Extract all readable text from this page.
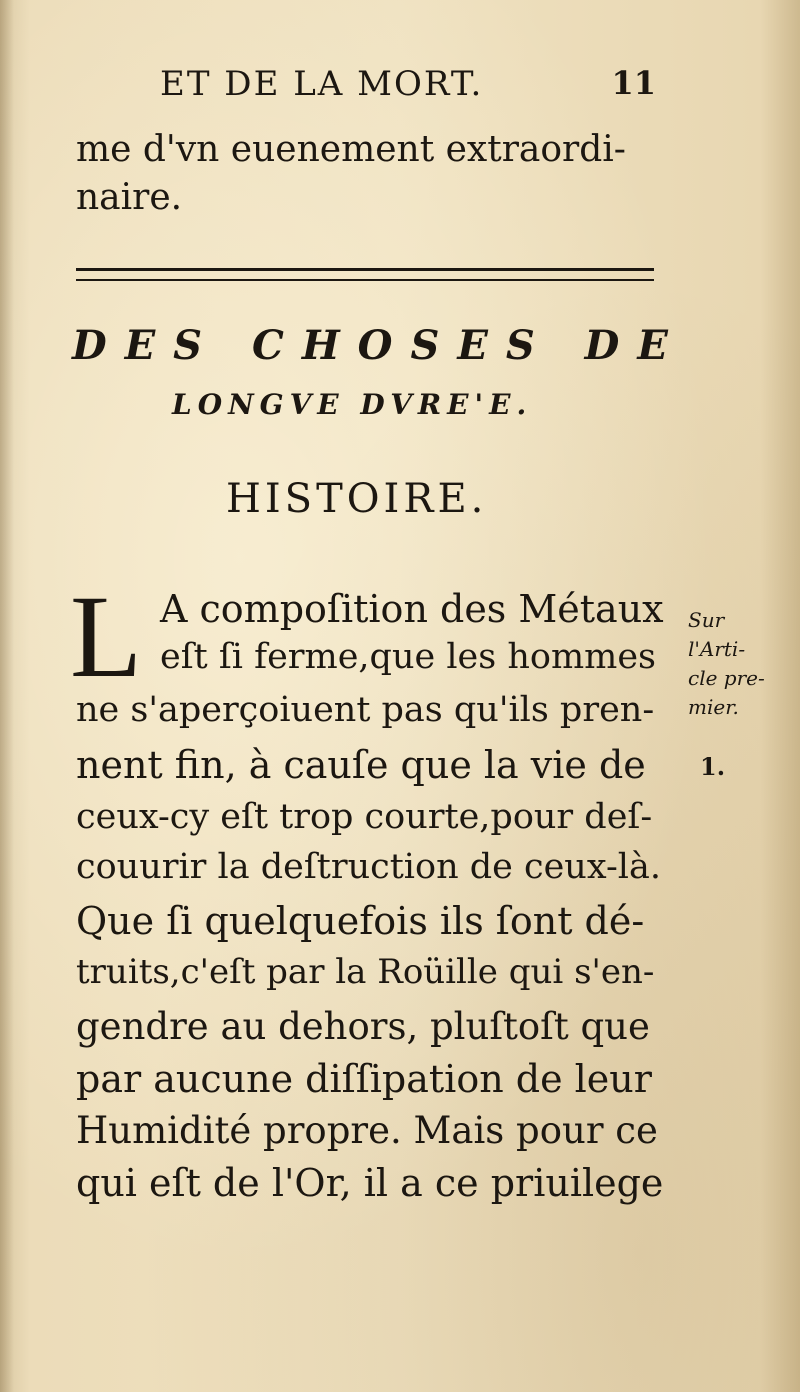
ET DE LA MORT.	11
me d'vn euenement extraordi-
naire.
DES CHOSES DE
LONGVE DVRE'E.
HISTOIRE.
L A compoſition des Métaux
eſt ſi ferme,que les hommes
ne s'aperçoiuent pas qu'ils pren-
nent fin, à cauſe que la vie de
ceux-cy eſt trop courte,pour deſ-
couurir la deſtruction de ceux-là.
Que ſi quelquefois ils ſont dé-
truits,c'eſt par la Roüille qui s'en-
gendre au dehors, pluſtoſt que
par aucune diſſipation de leur
Humidité propre. Mais pour ce
qui eſt de l'Or, il a ce priuilege
Sur
l'Arti-
cle pre-
mier.
1.
